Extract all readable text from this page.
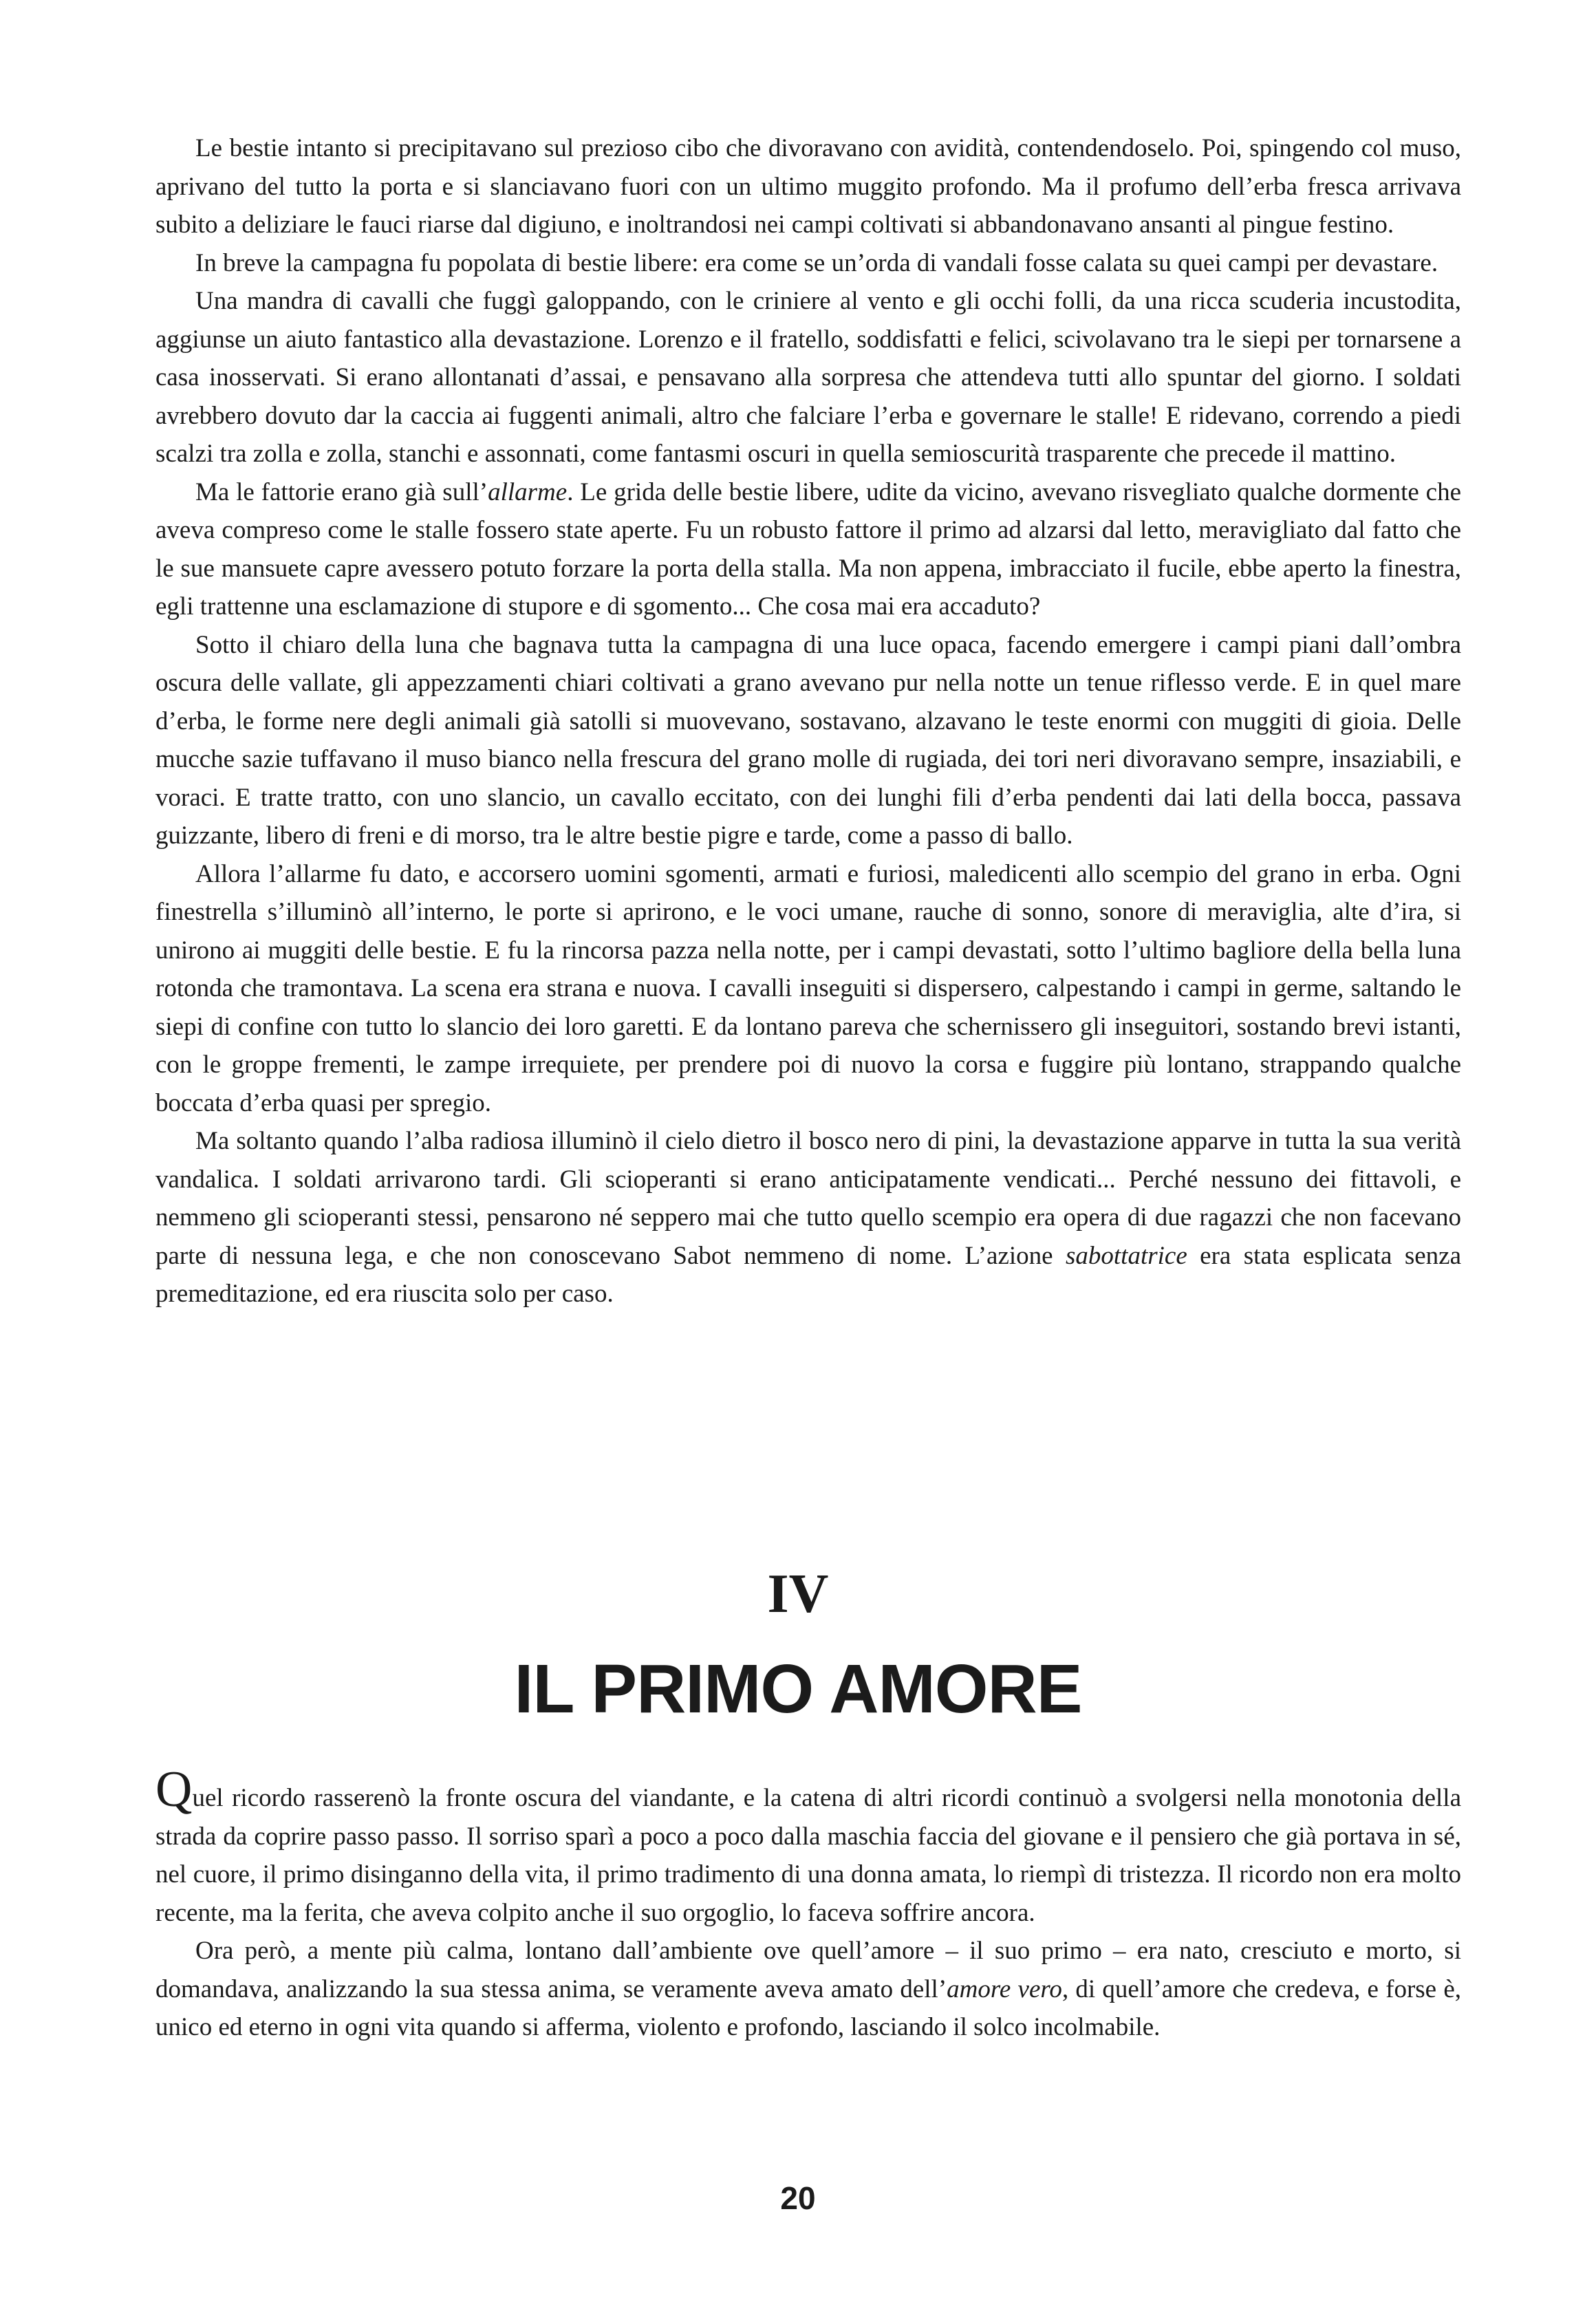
Le bestie intanto si precipitavano sul prezioso cibo che divoravano con avidità, contendendoselo. Poi, spingendo col muso, aprivano del tutto la porta e si slanciavano fuori con un ultimo muggito profondo. Ma il profumo dell’erba fresca arrivava subito a deliziare le fauci riarse dal digiuno, e inoltrandosi nei campi coltivati si abbandonavano ansanti al pingue festino.

In breve la campagna fu popolata di bestie libere: era come se un’orda di vandali fosse calata su quei campi per devastare.

Una mandra di cavalli che fuggì galoppando, con le criniere al vento e gli occhi folli, da una ricca scuderia incustodita, aggiunse un aiuto fantastico alla devastazione. Lorenzo e il fratello, soddisfatti e felici, scivolavano tra le siepi per tornarsene a casa inosservati. Si erano allontanati d’assai, e pensavano alla sorpresa che attendeva tutti allo spuntar del giorno. I soldati avrebbero dovuto dar la caccia ai fuggenti animali, altro che falciare l’erba e governare le stalle! E ridevano, correndo a piedi scalzi tra zolla e zolla, stanchi e assonnati, come fantasmi oscuri in quella semioscurità trasparente che precede il mattino.

Ma le fattorie erano già sull’allarme. Le grida delle bestie libere, udite da vicino, avevano risvegliato qualche dormente che aveva compreso come le stalle fossero state aperte. Fu un robusto fattore il primo ad alzarsi dal letto, meravigliato dal fatto che le sue mansuete capre avessero potuto forzare la porta della stalla. Ma non appena, imbracciato il fucile, ebbe aperto la finestra, egli trattenne una esclamazione di stupore e di sgomento... Che cosa mai era accaduto?

Sotto il chiaro della luna che bagnava tutta la campagna di una luce opaca, facendo emergere i campi piani dall’ombra oscura delle vallate, gli appezzamenti chiari coltivati a grano avevano pur nella notte un tenue riflesso verde. E in quel mare d’erba, le forme nere degli animali già satolli si muovevano, sostavano, alzavano le teste enormi con muggiti di gioia. Delle mucche sazie tuffavano il muso bianco nella frescura del grano molle di rugiada, dei tori neri divoravano sempre, insaziabili, e voraci. E tratte tratto, con uno slancio, un cavallo eccitato, con dei lunghi fili d’erba pendenti dai lati della bocca, passava guizzante, libero di freni e di morso, tra le altre bestie pigre e tarde, come a passo di ballo.

Allora l’allarme fu dato, e accorsero uomini sgomenti, armati e furiosi, maledicenti allo scempio del grano in erba. Ogni finestrella s’illuminò all’interno, le porte si aprirono, e le voci umane, rauche di sonno, sonore di meraviglia, alte d’ira, si unirono ai muggiti delle bestie. E fu la rincorsa pazza nella notte, per i campi devastati, sotto l’ultimo bagliore della bella luna rotonda che tramontava. La scena era strana e nuova. I cavalli inseguiti si dispersero, calpestando i campi in germe, saltando le siepi di confine con tutto lo slancio dei loro garetti. E da lontano pareva che schernissero gli inseguitori, sostando brevi istanti, con le groppe frementi, le zampe irrequiete, per prendere poi di nuovo la corsa e fuggire più lontano, strappando qualche boccata d’erba quasi per spregio.

Ma soltanto quando l’alba radiosa illuminò il cielo dietro il bosco nero di pini, la devastazione apparve in tutta la sua verità vandalica. I soldati arrivarono tardi. Gli scioperanti si erano anticipatamente vendicati... Perché nessuno dei fittavoli, e nemmeno gli scioperanti stessi, pensarono né seppero mai che tutto quello scempio era opera di due ragazzi che non facevano parte di nessuna lega, e che non conoscevano Sabot nemmeno di nome. L’azione sabottatrice era stata esplicata senza premeditazione, ed era riuscita solo per caso.

IV
IL PRIMO AMORE

Quel ricordo rasserenò la fronte oscura del viandante, e la catena di altri ricordi continuò a svolgersi nella monotonia della strada da coprire passo passo. Il sorriso sparì a poco a poco dalla maschia faccia del giovane e il pensiero che già portava in sé, nel cuore, il primo disinganno della vita, il primo tradimento di una donna amata, lo riempì di tristezza. Il ricordo non era molto recente, ma la ferita, che aveva colpito anche il suo orgoglio, lo faceva soffrire ancora.

Ora però, a mente più calma, lontano dall’ambiente ove quell’amore – il suo primo – era nato, cresciuto e morto, si domandava, analizzando la sua stessa anima, se veramente aveva amato dell’amore vero, di quell’amore che credeva, e forse è, unico ed eterno in ogni vita quando si afferma, violento e profondo, lasciando il solco incolmabile.

20
